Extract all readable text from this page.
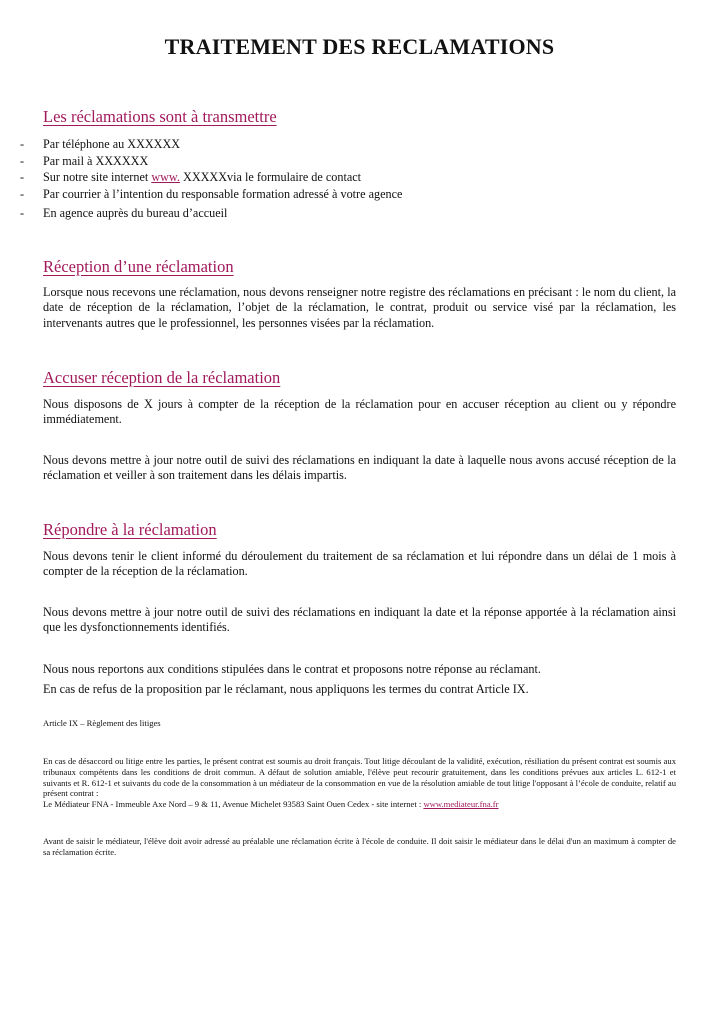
TRAITEMENT DES RECLAMATIONS
Les réclamations sont à transmettre
- Par téléphone au XXXXXX
- Par mail à XXXXXX
- Sur notre site internet www. XXXXXvia le formulaire de contact
- Par courrier à l’intention du responsable formation adressé à votre agence
- En agence auprès du bureau d’accueil
Réception d’une réclamation

Lorsque nous recevons une réclamation, nous devons renseigner notre registre des réclamations en précisant : le nom du client, la date de réception de la réclamation, l’objet de la réclamation, le contrat, produit ou service visé par la réclamation, les intervenants autres que le professionnel, les personnes visées par la réclamation.

Accuser réception de la réclamation

Nous disposons de X jours à compter de la réception de la réclamation pour en accuser réception au client ou y répondre immédiatement.

Nous devons mettre à jour notre outil de suivi des réclamations en indiquant la date à laquelle nous avons accusé réception de la réclamation et veiller à son traitement dans les délais impartis.

Répondre à la réclamation

Nous devons tenir le client informé du déroulement du traitement de sa réclamation et lui répondre dans un délai de 1 mois à compter de la réception de la réclamation.

Nous devons mettre à jour notre outil de suivi des réclamations en indiquant la date et la réponse apportée à la réclamation ainsi que les dysfonctionnements identifiés.

Nous nous reportons aux conditions stipulées dans le contrat et proposons notre réponse au réclamant.

En cas de refus de la proposition par le réclamant, nous appliquons les termes du contrat Article IX.

Article IX – Règlement des litiges

En cas de désaccord ou litige entre les parties, le présent contrat est soumis au droit français. Tout litige découlant de la validité, exécution, résiliation du présent contrat est soumis aux tribunaux compétents dans les conditions de droit commun. A défaut de solution amiable, l'élève peut recourir gratuitement, dans les conditions prévues aux articles L. 612-1 et suivants et R. 612-1 et suivants du code de la consommation à un médiateur de la consommation en vue de la résolution amiable de tout litige l'opposant à l’école de conduite, relatif au présent contrat :

Le Médiateur FNA - Immeuble Axe Nord – 9 & 11, Avenue Michelet 93583 Saint Ouen Cedex - site internet : www.mediateur.fna.fr

Avant de saisir le médiateur, l'élève doit avoir adressé au préalable une réclamation écrite à l'école de conduite. Il doit saisir le médiateur dans le délai d'un an maximum à compter de sa réclamation écrite.
